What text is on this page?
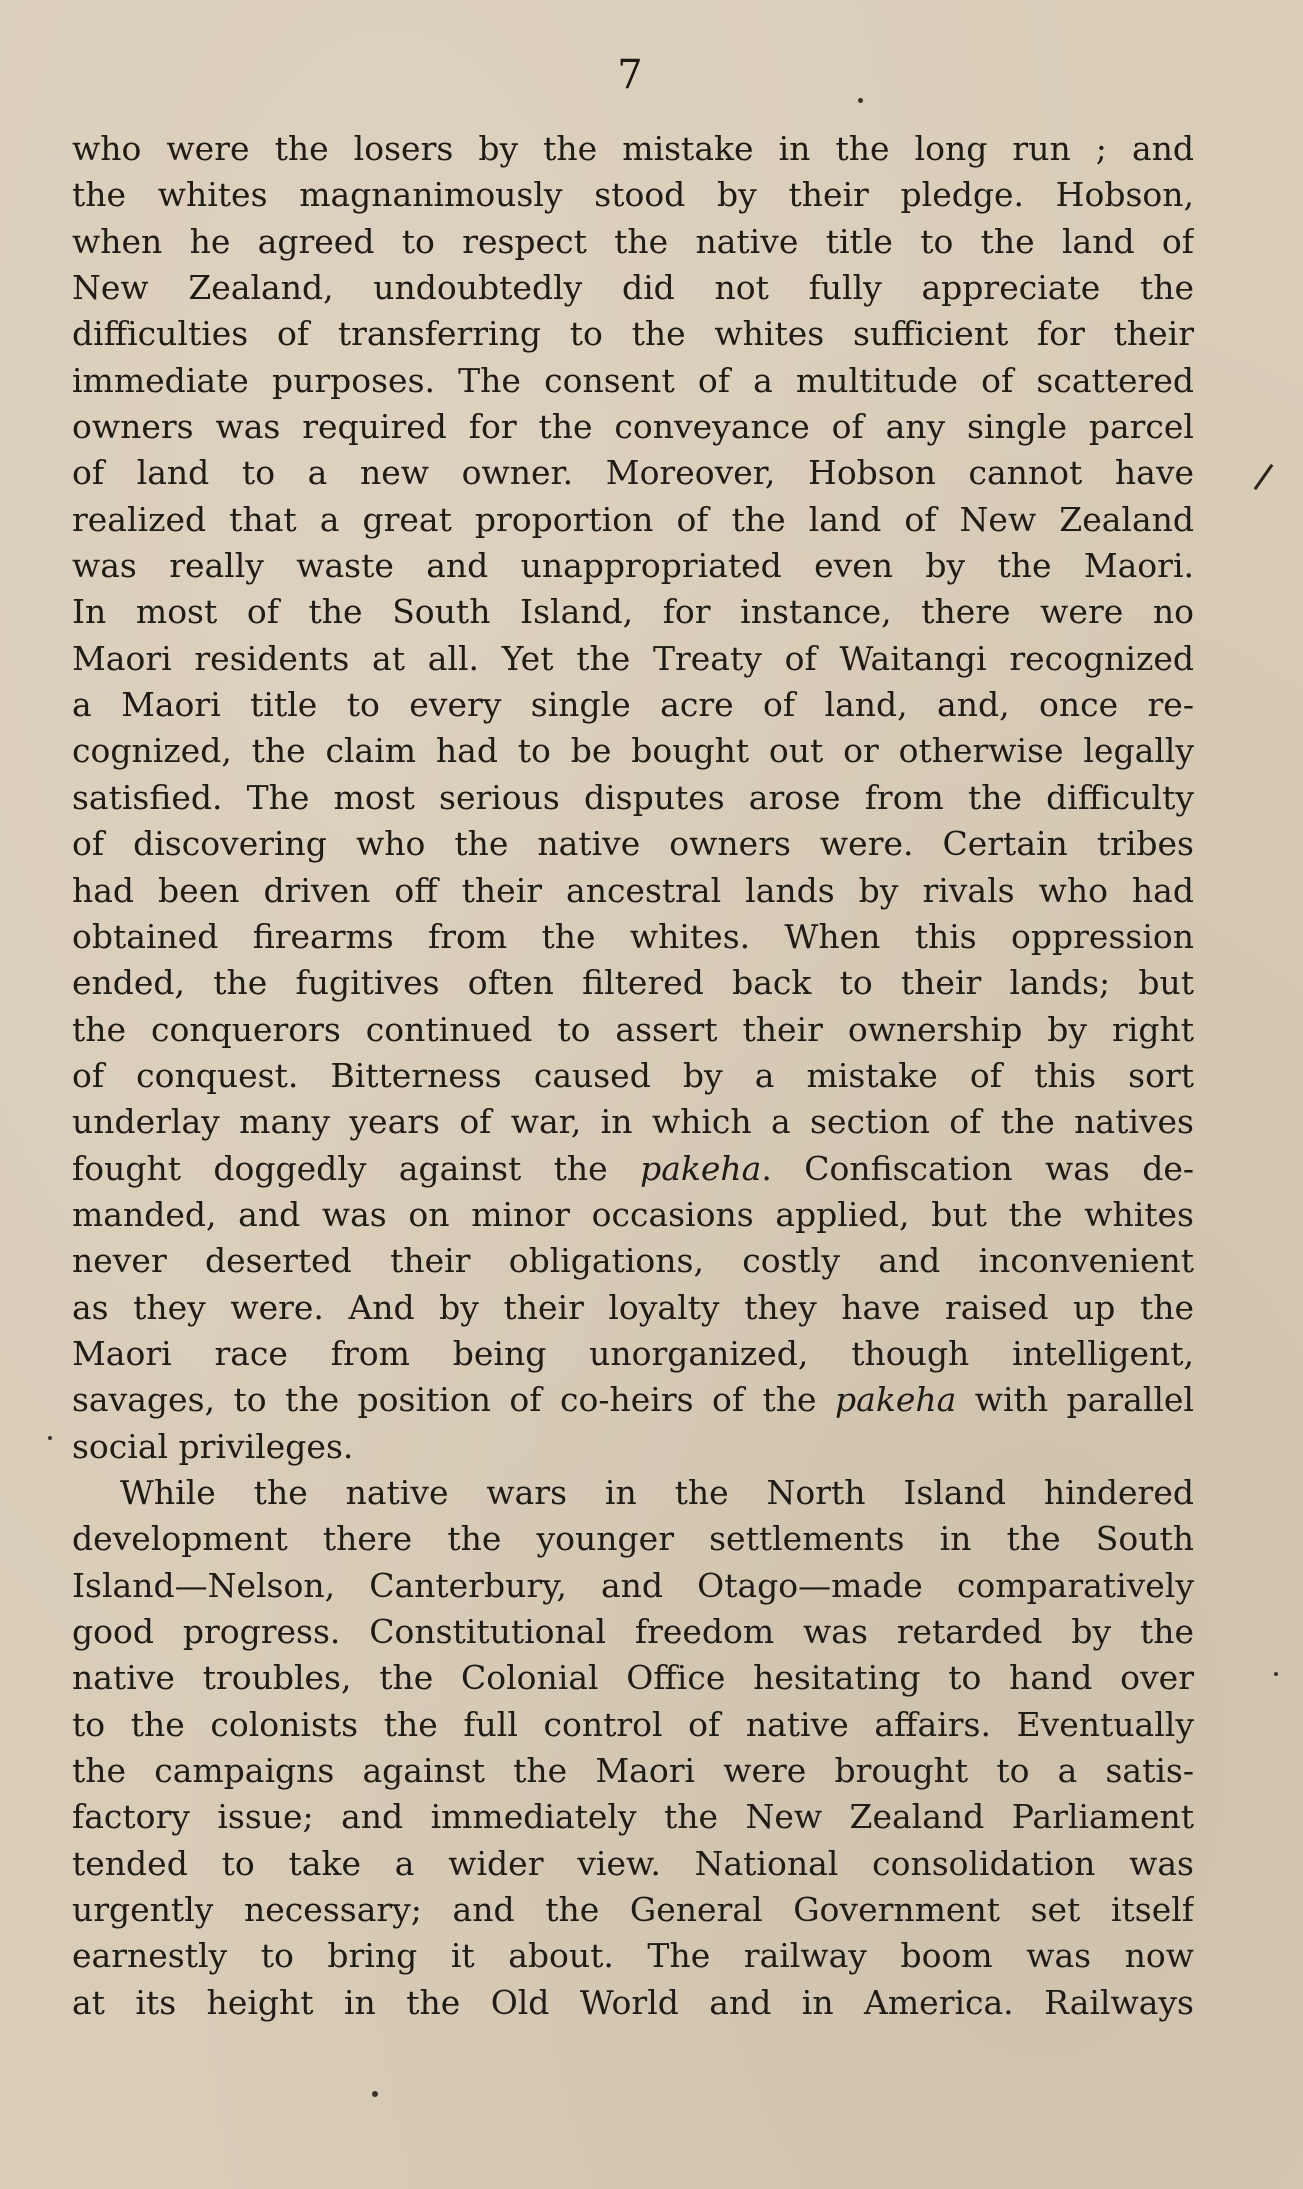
7
who were the losers by the mistake in the long run ; and
the whites magnanimously stood by their pledge. Hobson,
when he agreed to respect the native title to the land of
New Zealand, undoubtedly did not fully appreciate the
difficulties of transferring to the whites sufficient for their
immediate purposes. The consent of a multitude of scattered
owners was required for the conveyance of any single parcel
of land to a new owner. Moreover, Hobson cannot have
realized that a great proportion of the land of New Zealand
was really waste and unappropriated even by the Maori.
In most of the South Island, for instance, there were no
Maori residents at all. Yet the Treaty of Waitangi recognized
a Maori title to every single acre of land, and, once re-
cognized, the claim had to be bought out or otherwise legally
satisfied. The most serious disputes arose from the difficulty
of discovering who the native owners were. Certain tribes
had been driven off their ancestral lands by rivals who had
obtained firearms from the whites. When this oppression
ended, the fugitives often filtered back to their lands; but
the conquerors continued to assert their ownership by right
of conquest. Bitterness caused by a mistake of this sort
underlay many years of war, in which a section of the natives
fought doggedly against the pakeha. Confiscation was de-
manded, and was on minor occasions applied, but the whites
never deserted their obligations, costly and inconvenient
as they were. And by their loyalty they have raised up the
Maori race from being unorganized, though intelligent,
savages, to the position of co-heirs of the pakeha with parallel
social privileges.
While the native wars in the North Island hindered
development there the younger settlements in the South
Island—Nelson, Canterbury, and Otago—made comparatively
good progress. Constitutional freedom was retarded by the
native troubles, the Colonial Office hesitating to hand over
to the colonists the full control of native affairs. Eventually
the campaigns against the Maori were brought to a satis-
factory issue; and immediately the New Zealand Parliament
tended to take a wider view. National consolidation was
urgently necessary; and the General Government set itself
earnestly to bring it about. The railway boom was now
at its height in the Old World and in America. Railways
